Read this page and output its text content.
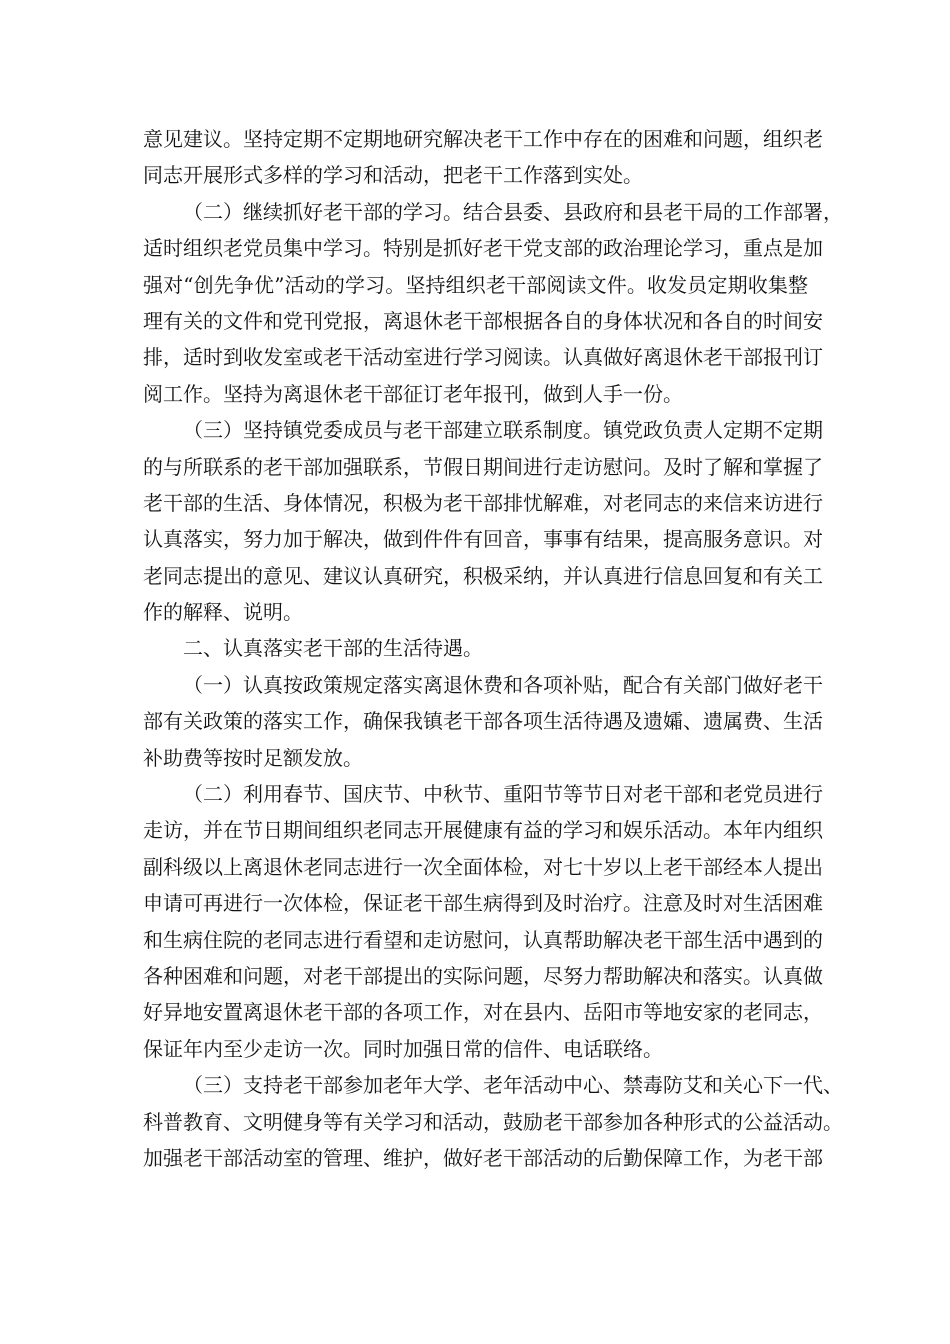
意见建议。坚持定期不定期地研究解决老干工作中存在的困难和问题，组织老
同志开展形式多样的学习和活动，把老干工作落到实处。
（二）继续抓好老干部的学习。结合县委、县政府和县老干局的工作部署，
适时组织老党员集中学习。特别是抓好老干党支部的政治理论学习，重点是加
强对“创先争优”活动的学习。坚持组织老干部阅读文件。收发员定期收集整
理有关的文件和党刊党报，离退休老干部根据各自的身体状况和各自的时间安
排，适时到收发室或老干活动室进行学习阅读。认真做好离退休老干部报刊订
阅工作。坚持为离退休老干部征订老年报刊，做到人手一份。
（三）坚持镇党委成员与老干部建立联系制度。镇党政负责人定期不定期
的与所联系的老干部加强联系，节假日期间进行走访慰问。及时了解和掌握了
老干部的生活、身体情况，积极为老干部排忧解难，对老同志的来信来访进行
认真落实，努力加于解决，做到件件有回音，事事有结果，提高服务意识。对
老同志提出的意见、建议认真研究，积极采纳，并认真进行信息回复和有关工
作的解释、说明。
二、认真落实老干部的生活待遇。
（一）认真按政策规定落实离退休费和各项补贴，配合有关部门做好老干
部有关政策的落实工作，确保我镇老干部各项生活待遇及遗孀、遗属费、生活
补助费等按时足额发放。
（二）利用春节、国庆节、中秋节、重阳节等节日对老干部和老党员进行
走访，并在节日期间组织老同志开展健康有益的学习和娱乐活动。本年内组织
副科级以上离退休老同志进行一次全面体检，对七十岁以上老干部经本人提出
申请可再进行一次体检，保证老干部生病得到及时治疗。注意及时对生活困难
和生病住院的老同志进行看望和走访慰问，认真帮助解决老干部生活中遇到的
各种困难和问题，对老干部提出的实际问题，尽努力帮助解决和落实。认真做
好异地安置离退休老干部的各项工作，对在县内、岳阳市等地安家的老同志，
保证年内至少走访一次。同时加强日常的信件、电话联络。
（三）支持老干部参加老年大学、老年活动中心、禁毒防艾和关心下一代、
科普教育、文明健身等有关学习和活动，鼓励老干部参加各种形式的公益活动。
加强老干部活动室的管理、维护，做好老干部活动的后勤保障工作，为老干部
